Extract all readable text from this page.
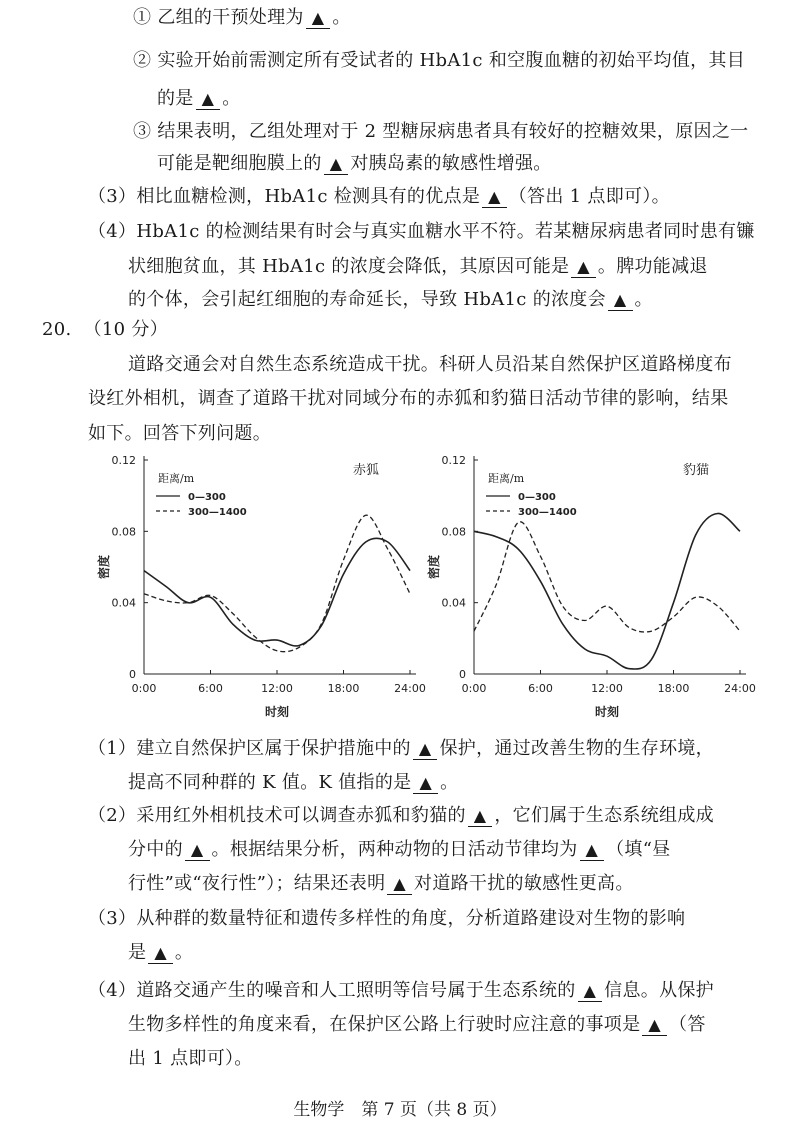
① 乙组的干预处理为 ▲ 。
② 实验开始前需测定所有受试者的 HbA1c 和空腹血糖的初始平均值，其目
的是 ▲ 。
③ 结果表明，乙组处理对于 2 型糖尿病患者具有较好的控糖效果，原因之一
可能是靶细胞膜上的 ▲ 对胰岛素的敏感性增强。
（3）相比血糖检测，HbA1c 检测具有的优点是 ▲ （答出 1 点即可）。
（4）HbA1c 的检测结果有时会与真实血糖水平不符。若某糖尿病患者同时患有镰
状细胞贫血，其 HbA1c 的浓度会降低，其原因可能是 ▲ 。脾功能减退
的个体，会引起红细胞的寿命延长，导致 HbA1c 的浓度会 ▲ 。
20. （10 分）
道路交通会对自然生态系统造成干扰。科研人员沿某自然保护区道路梯度布
设红外相机，调查了道路干扰对同域分布的赤狐和豹猫日活动节律的影响，结果
如下。回答下列问题。
0
0.04
0.08
0.12
0:00	6:00	12:00	18:00	24:00
时刻
密度
赤狐
距离/m
0—300
300—1400
0
0.04
0.08
0.12
0:00	6:00	12:00	18:00	24:00
时刻
密度
豹猫
距离/m
0—300
300—1400
（1）建立自然保护区属于保护措施中的 ▲ 保护，通过改善生物的生存环境，
提高不同种群的 K 值。K 值指的是 ▲ 。
（2）采用红外相机技术可以调查赤狐和豹猫的 ▲ ，它们属于生态系统组成成
分中的 ▲ 。根据结果分析，两种动物的日活动节律均为 ▲ （填“昼
行性”或“夜行性”）；结果还表明 ▲ 对道路干扰的敏感性更高。
（3）从种群的数量特征和遗传多样性的角度，分析道路建设对生物的影响
是 ▲ 。
（4）道路交通产生的噪音和人工照明等信号属于生态系统的 ▲ 信息。从保护
生物多样性的角度来看，在保护区公路上行驶时应注意的事项是 ▲ （答
出 1 点即可）。
生物学　第 7 页（共 8 页）
